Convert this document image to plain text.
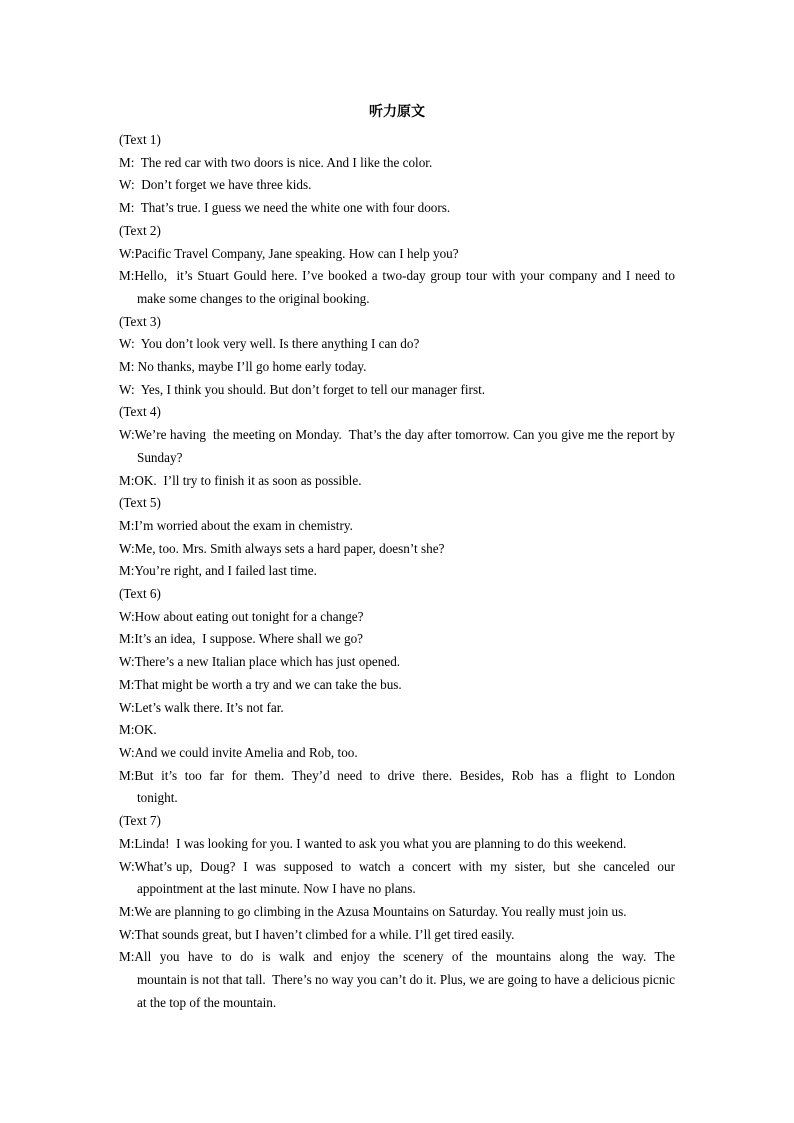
听力原文

(Text 1)

M:  The red car with two doors is nice. And I like the color.

W:  Don’t forget we have three kids.

M:  That’s true. I guess we need the white one with four doors.

(Text 2)

W:Pacific Travel Company, Jane speaking. How can I help you?

M:Hello,  it’s Stuart Gould here. I’ve booked a two-day group tour with your company and I need to make some changes to the original booking.

(Text 3)

W:  You don’t look very well. Is there anything I can do?

M: No thanks, maybe I’ll go home early today.

W:  Yes, I think you should. But don’t forget to tell our manager first.

(Text 4)

W:We’re having  the meeting on Monday.  That’s the day after tomorrow. Can you give me the report by Sunday?

M:OK.  I’ll try to finish it as soon as possible.

(Text 5)

M:I’m worried about the exam in chemistry.

W:Me, too. Mrs. Smith always sets a hard paper, doesn’t she?

M:You’re right, and I failed last time.

(Text 6)

W:How about eating out tonight for a change?

M:It’s an idea,  I suppose. Where shall we go?

W:There’s a new Italian place which has just opened.

M:That might be worth a try and we can take the bus.

W:Let’s walk there. It’s not far.

M:OK.

W:And we could invite Amelia and Rob, too.

M:But  it’s  too  far  for  them.  They’d  need  to  drive  there.  Besides,  Rob  has  a  flight  to  London tonight.

(Text 7)

M:Linda!  I was looking for you. I wanted to ask you what you are planning to do this weekend.

W:What’s up,  Doug?  I  was  supposed  to  watch  a  concert  with  my  sister,  but  she  canceled  our appointment at the last minute. Now I have no plans.

M:We are planning to go climbing in the Azusa Mountains on Saturday. You really must join us.

W:That sounds great, but I haven’t climbed for a while. I’ll get tired easily.

M:All  you  have  to  do  is  walk  and  enjoy  the  scenery  of  the  mountains  along  the  way.  The mountain is not that tall.  There’s no way you can’t do it. Plus, we are going to have a delicious picnic at the top of the mountain.
